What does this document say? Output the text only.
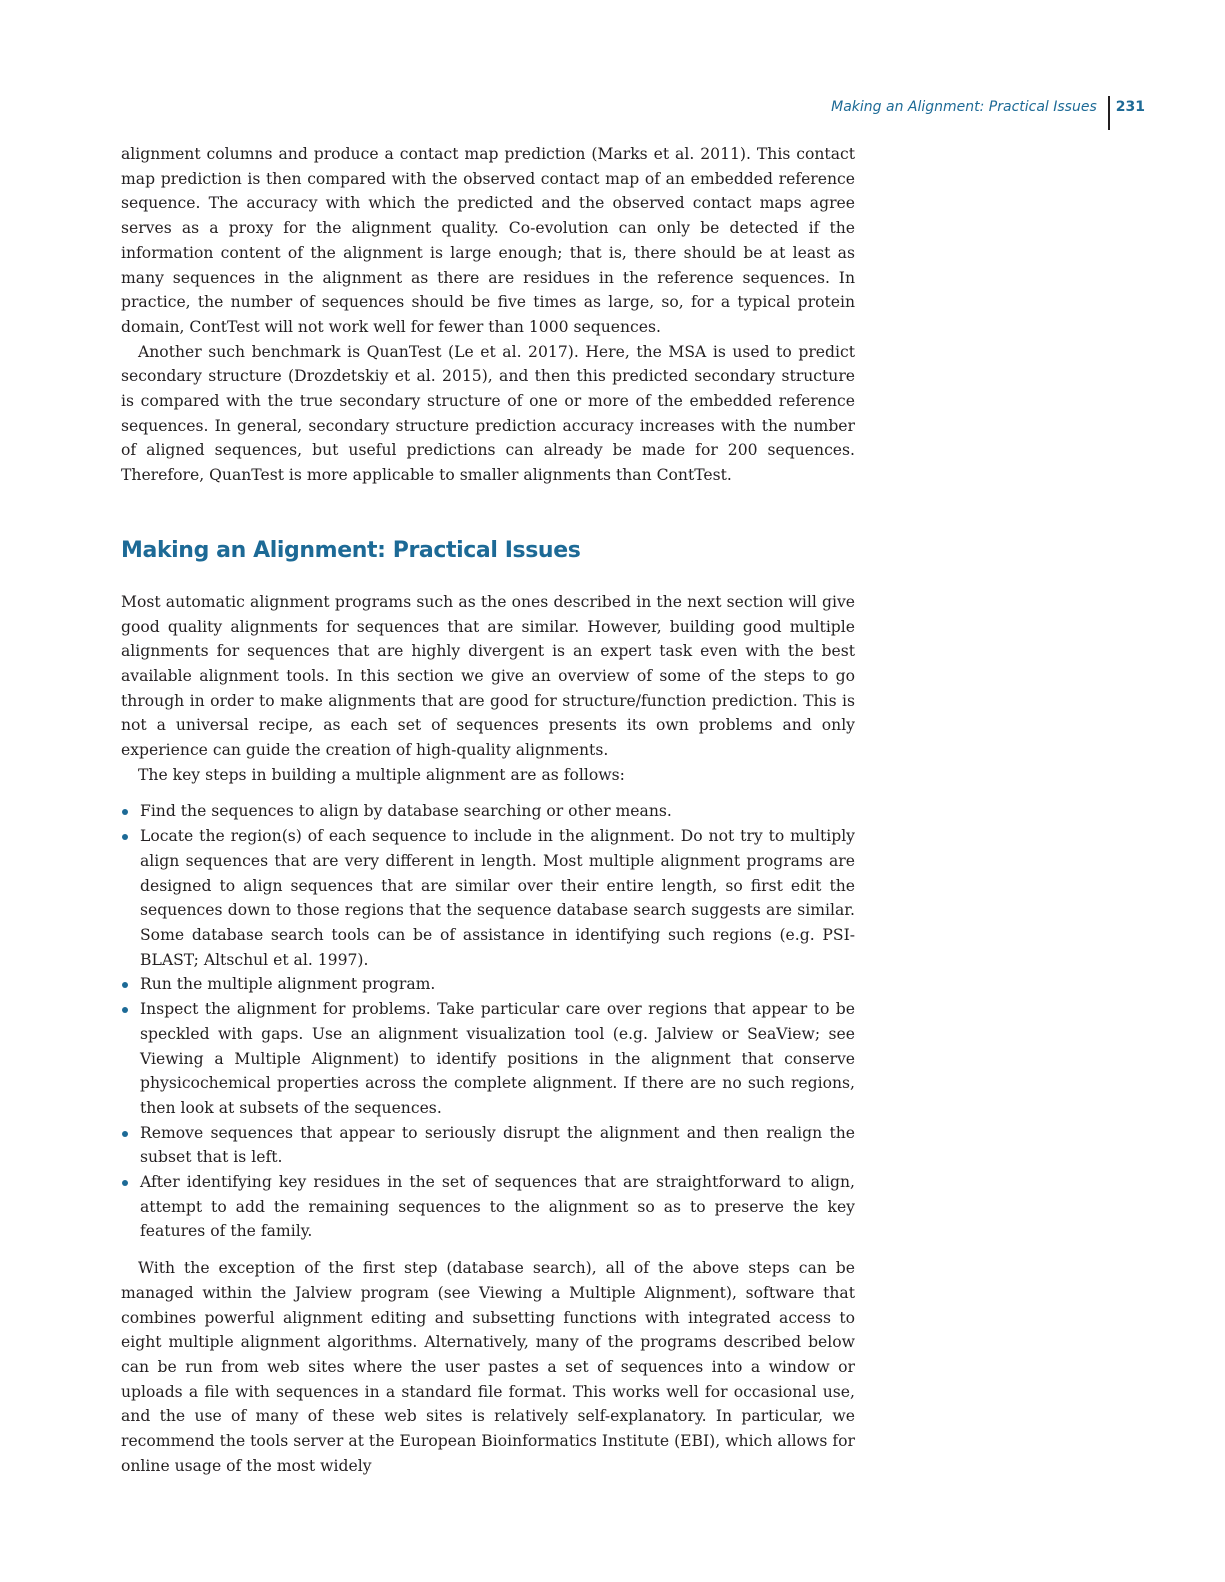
Making an Alignment: Practical Issues	231

alignment columns and produce a contact map prediction (Marks et al. 2011). This contact map prediction is then compared with the observed contact map of an embedded reference sequence. The accuracy with which the predicted and the observed contact maps agree serves as a proxy for the alignment quality. Co-evolution can only be detected if the information content of the alignment is large enough; that is, there should be at least as many sequences in the alignment as there are residues in the reference sequences. In practice, the number of sequences should be five times as large, so, for a typical protein domain, ContTest will not work well for fewer than 1000 sequences.

Another such benchmark is QuanTest (Le et al. 2017). Here, the MSA is used to predict secondary structure (Drozdetskiy et al. 2015), and then this predicted secondary structure is compared with the true secondary structure of one or more of the embedded reference sequences. In general, secondary structure prediction accuracy increases with the number of aligned sequences, but useful predictions can already be made for 200 sequences. Therefore, QuanTest is more applicable to smaller alignments than ContTest.

Making an Alignment: Practical Issues

Most automatic alignment programs such as the ones described in the next section will give good quality alignments for sequences that are similar. However, building good multiple alignments for sequences that are highly divergent is an expert task even with the best available alignment tools. In this section we give an overview of some of the steps to go through in order to make alignments that are good for structure/function prediction. This is not a universal recipe, as each set of sequences presents its own problems and only experience can guide the creation of high-quality alignments.

The key steps in building a multiple alignment are as follows:

Find the sequences to align by database searching or other means.
Locate the region(s) of each sequence to include in the alignment. Do not try to multiply align sequences that are very different in length. Most multiple alignment programs are designed to align sequences that are similar over their entire length, so first edit the sequences down to those regions that the sequence database search suggests are similar. Some database search tools can be of assistance in identifying such regions (e.g. PSI-BLAST; Altschul et al. 1997).
Run the multiple alignment program.
Inspect the alignment for problems. Take particular care over regions that appear to be speckled with gaps. Use an alignment visualization tool (e.g. Jalview or SeaView; see Viewing a Multiple Alignment) to identify positions in the alignment that conserve physicochemical properties across the complete alignment. If there are no such regions, then look at subsets of the sequences.
Remove sequences that appear to seriously disrupt the alignment and then realign the subset that is left.
After identifying key residues in the set of sequences that are straightforward to align, attempt to add the remaining sequences to the alignment so as to preserve the key features of the family.

With the exception of the first step (database search), all of the above steps can be managed within the Jalview program (see Viewing a Multiple Alignment), software that combines powerful alignment editing and subsetting functions with integrated access to eight multiple alignment algorithms. Alternatively, many of the programs described below can be run from web sites where the user pastes a set of sequences into a window or uploads a file with sequences in a standard file format. This works well for occasional use, and the use of many of these web sites is relatively self-explanatory. In particular, we recommend the tools server at the European Bioinformatics Institute (EBI), which allows for online usage of the most widely
